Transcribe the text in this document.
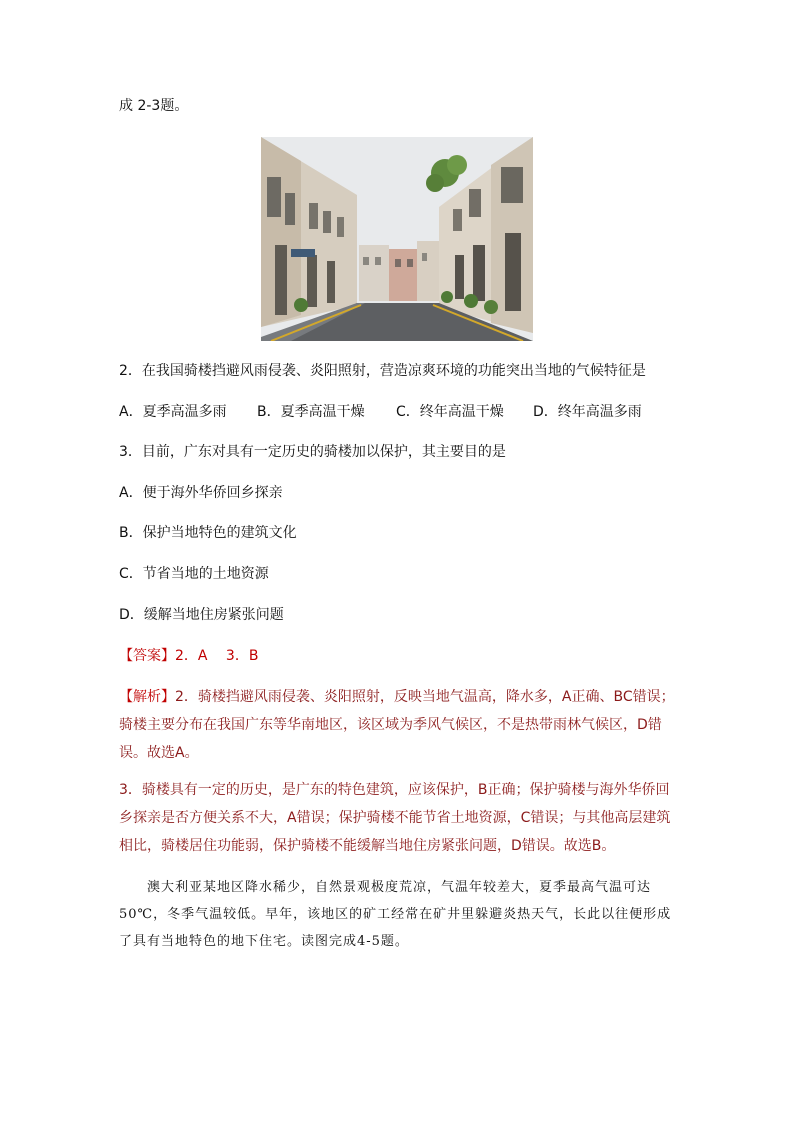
成 2-3题。

2．在我国骑楼挡避风雨侵袭、炎阳照射，营造凉爽环境的功能突出当地的气候特征是

A．夏季高温多雨 B．夏季高温干燥 C．终年高温干燥 D．终年高温多雨

3．目前，广东对具有一定历史的骑楼加以保护，其主要目的是

A．便于海外华侨回乡探亲

B．保护当地特色的建筑文化

C．节省当地的土地资源

D．缓解当地住房紧张问题

【答案】2．A　 3．B

【解析】2．骑楼挡避风雨侵袭、炎阳照射，反映当地气温高，降水多，A正确、BC错误；骑楼主要分布在我国广东等华南地区，该区域为季风气候区，不是热带雨林气候区，D错误。故选A。

3．骑楼具有一定的历史，是广东的特色建筑，应该保护，B正确；保护骑楼与海外华侨回乡探亲是否方便关系不大，A错误；保护骑楼不能节省土地资源，C错误；与其他高层建筑相比，骑楼居住功能弱，保护骑楼不能缓解当地住房紧张问题，D错误。故选B。

澳大利亚某地区降水稀少，自然景观极度荒凉，气温年较差大，夏季最高气温可达50℃，冬季气温较低。早年，该地区的矿工经常在矿井里躲避炎热天气，长此以往便形成了具有当地特色的地下住宅。读图完成4-5题。
